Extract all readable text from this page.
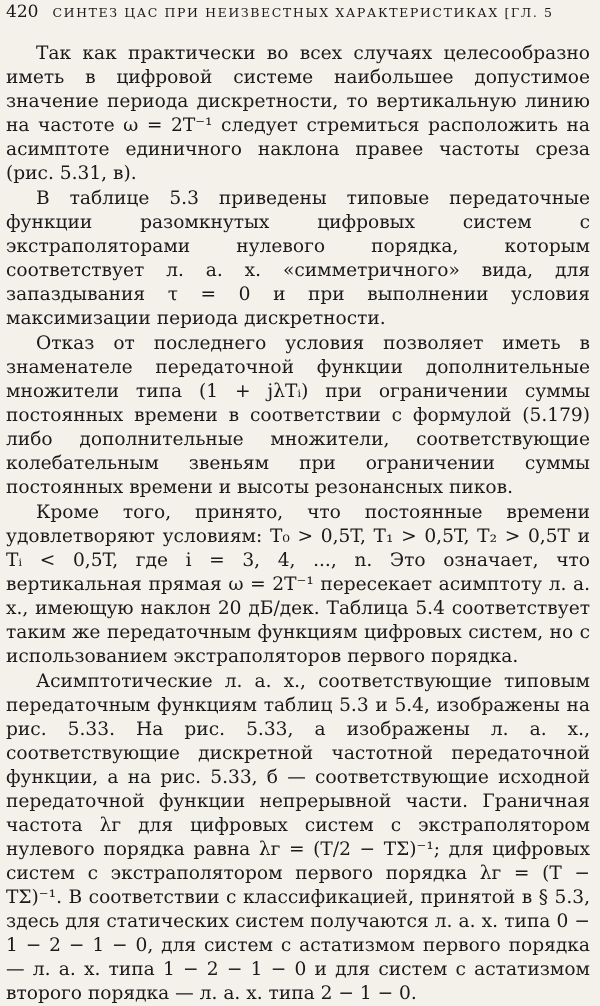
420 СИНТЕЗ ЦАС ПРИ НЕИЗВЕСТНЫХ ХАРАКТЕРИСТИКАХ [ГЛ. 5

Так как практически во всех случаях целесообразно иметь в цифровой системе наибольшее допустимое значение периода дискретности, то вертикальную линию на частоте ω = 2T⁻¹ следует стремиться расположить на асимптоте единичного наклона правее частоты среза (рис. 5.31, в).

В таблице 5.3 приведены типовые передаточные функции разомкнутых цифровых систем с экстраполяторами нулевого порядка, которым соответствует л. а. х. «симметричного» вида, для запаздывания τ = 0 и при выполнении условия максимизации периода дискретности.

Отказ от последнего условия позволяет иметь в знаменателе передаточной функции дополнительные множители типа (1 + jλTᵢ) при ограничении суммы постоянных времени в соответствии с формулой (5.179) либо дополнительные множители, соответствующие колебательным звеньям при ограничении суммы постоянных времени и высоты резонансных пиков.

Кроме того, принято, что постоянные времени удовлетворяют условиям: T₀ > 0,5T, T₁ > 0,5T, T₂ > 0,5T и Tᵢ < 0,5T, где i = 3, 4, ..., n. Это означает, что вертикальная прямая ω = 2T⁻¹ пересекает асимптоту л. а. х., имеющую наклон 20 дБ/дек. Таблица 5.4 соответствует таким же передаточным функциям цифровых систем, но с использованием экстраполяторов первого порядка.

Асимптотические л. а. х., соответствующие типовым передаточным функциям таблиц 5.3 и 5.4, изображены на рис. 5.33. На рис. 5.33, а изображены л. а. х., соответствующие дискретной частотной передаточной функции, а на рис. 5.33, б — соответствующие исходной передаточной функции непрерывной части. Граничная частота λг для цифровых систем с экстраполятором нулевого порядка равна λг = (T/2 − TΣ)⁻¹; для цифровых систем с экстраполятором первого порядка λг = (T − TΣ)⁻¹. В соответствии с классификацией, принятой в § 5.3, здесь для статических систем получаются л. а. х. типа 0 − 1 − 2 − 1 − 0, для систем с астатизмом первого порядка — л. а. х. типа 1 − 2 − 1 − 0 и для систем с астатизмом второго порядка — л. а. х. типа 2 − 1 − 0.
